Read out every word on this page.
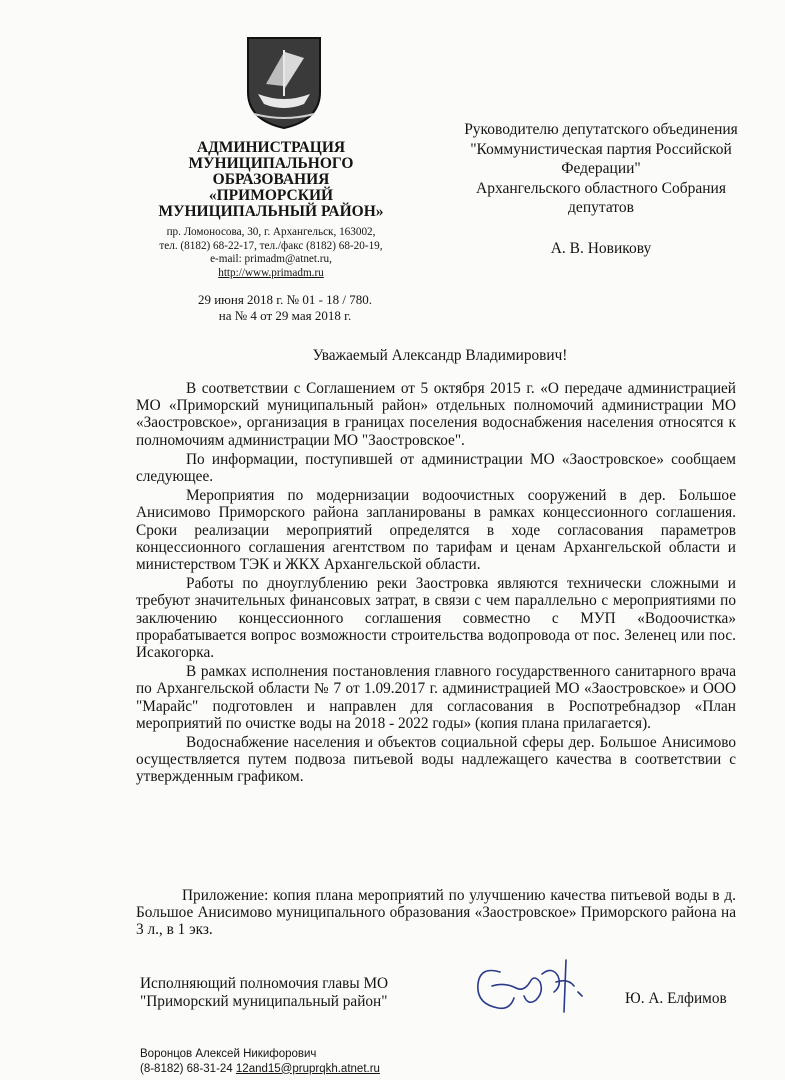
АДМИНИСТРАЦИЯ
МУНИЦИПАЛЬНОГО ОБРАЗОВАНИЯ
«ПРИМОРСКИЙ
МУНИЦИПАЛЬНЫЙ РАЙОН»
пр. Ломоносова, 30, г. Архангельск, 163002,
тел. (8182) 68-22-17, тел./факс (8182) 68-20-19,
e-mail: primadm@atnet.ru,
http://www.primadm.ru
29 июня 2018 г. № 01 - 18 / 780.
на № 4 от 29 мая 2018 г.
Руководителю депутатского объединения
"Коммунистическая партия Российской
Федерации"
Архангельского областного Собрания
депутатов
А. В. Новикову
Уважаемый Александр Владимирович!

В соответствии с Соглашением от 5 октября 2015 г. «О передаче администрацией МО «Приморский муниципальный район» отдельных полномочий администрации МО «Заостровское», организация в границах поселения водоснабжения населения относятся к полномочиям администрации МО "Заостровское".

По информации, поступившей от администрации МО «Заостровское» сообщаем следующее.

Мероприятия по модернизации водоочистных сооружений в дер. Большое Анисимово Приморского района запланированы в рамках концессионного соглашения. Сроки реализации мероприятий определятся в ходе согласования параметров концессионного соглашения агентством по тарифам и ценам Архангельской области и министерством ТЭК и ЖКХ Архангельской области.

Работы по дноуглублению реки Заостровка являются технически сложными и требуют значительных финансовых затрат, в связи с чем параллельно с мероприятиями по заключению концессионного соглашения совместно с МУП «Водоочистка» прорабатывается вопрос возможности строительства водопровода от пос. Зеленец или пос. Исакогорка.

В рамках исполнения постановления главного государственного санитарного врача по Архангельской области № 7 от 1.09.2017 г. администрацией МО «Заостровское» и ООО "Марайс" подготовлен и направлен для согласования в Роспотребнадзор «План мероприятий по очистке воды на 2018 - 2022 годы» (копия плана прилагается).

Водоснабжение населения и объектов социальной сферы дер. Большое Анисимово осуществляется путем подвоза питьевой воды надлежащего качества в соответствии с утвержденным графиком.

Приложение: копия плана мероприятий по улучшению качества питьевой воды в д. Большое Анисимово муниципального образования «Заостровское» Приморского района на 3 л., в 1 экз.

Исполняющий полномочия главы МО
"Приморский муниципальный район"	Ю. А. Елфимов
Воронцов Алексей Никифорович
(8-8182) 68-31-24 12and15@pruprqkh.atnet.ru
